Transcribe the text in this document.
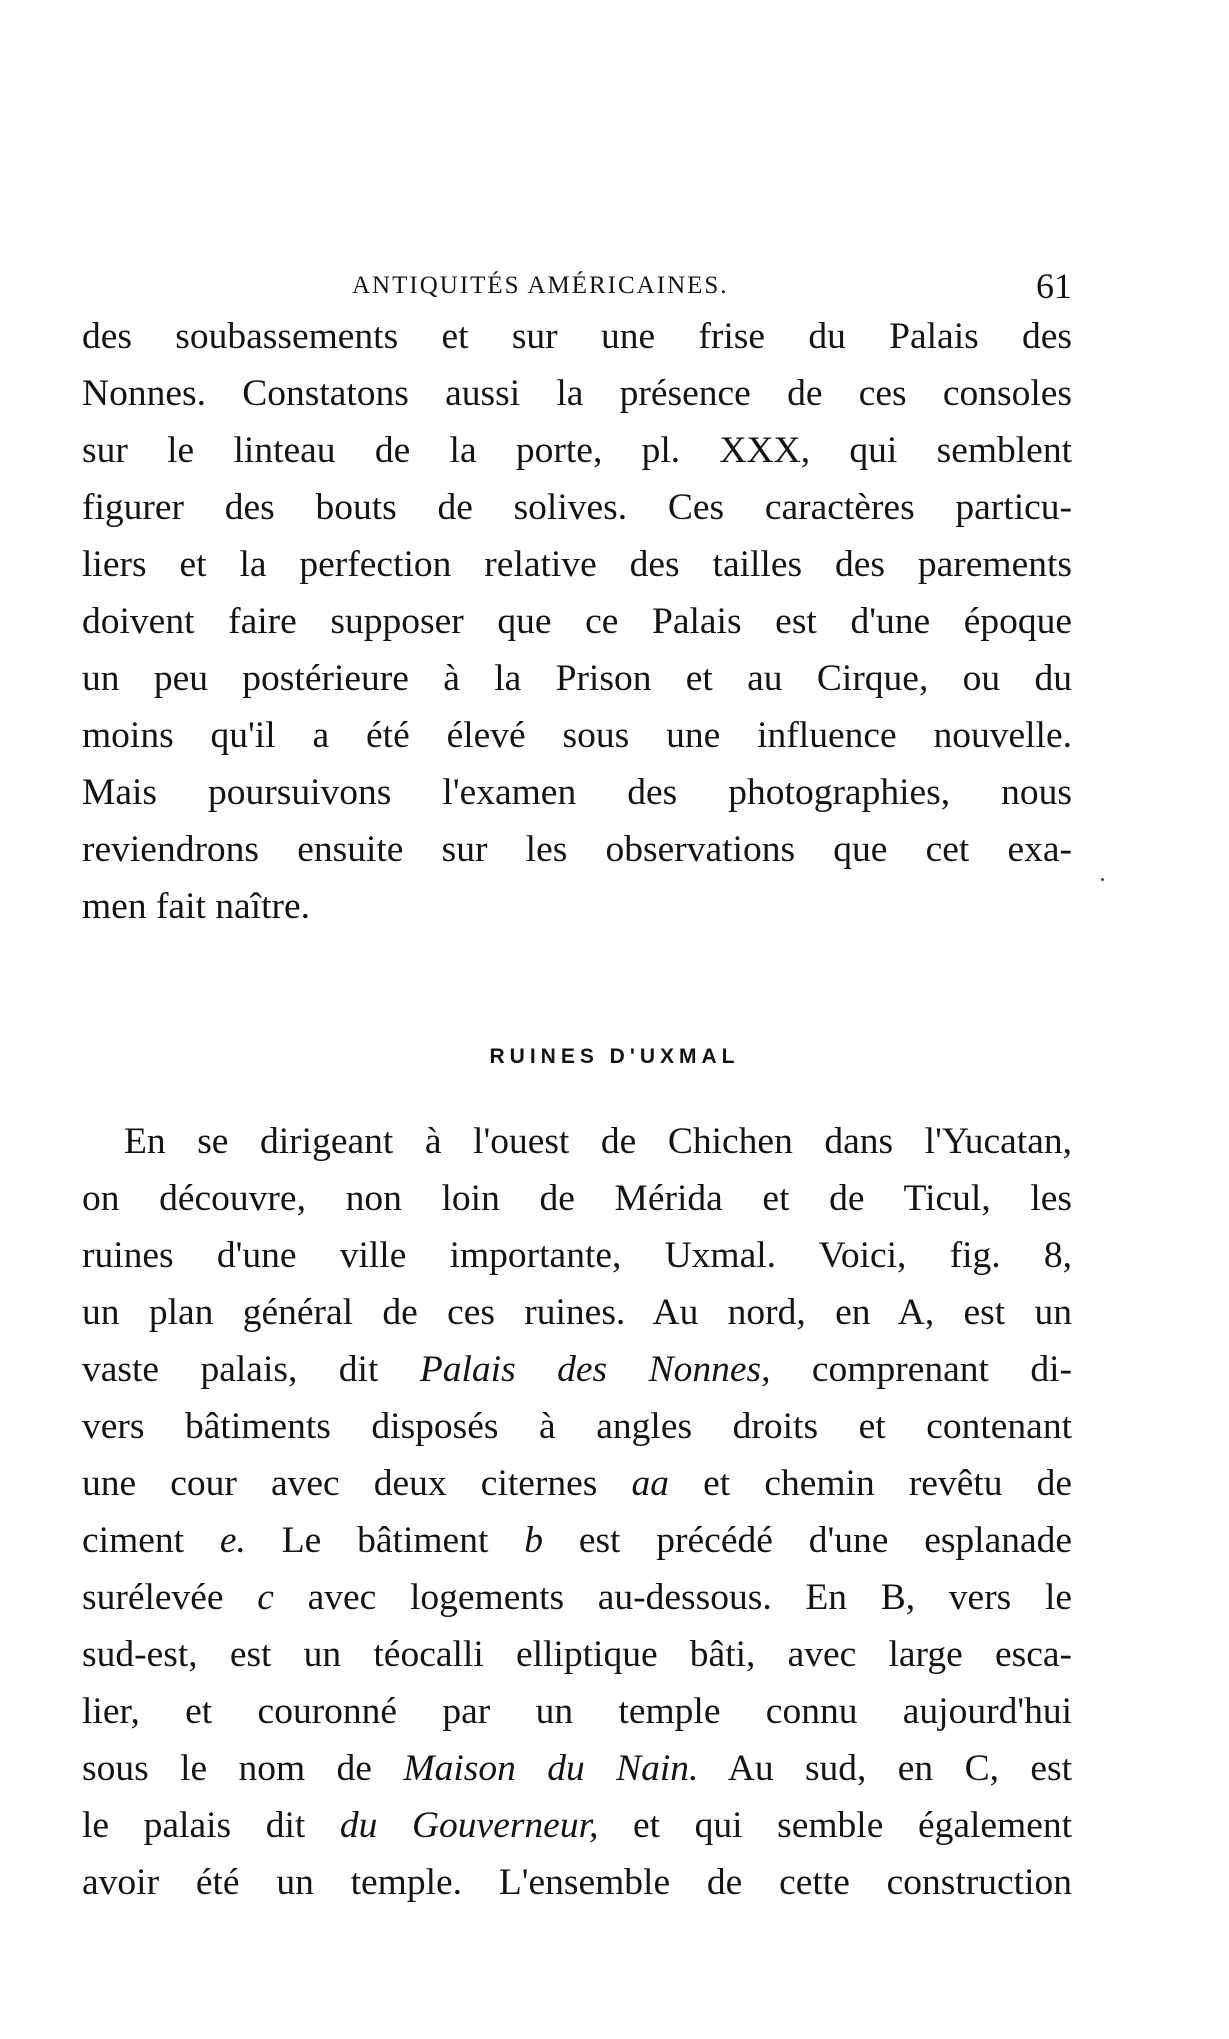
ANTIQUITÉS AMÉRICAINES.	61
des soubassements et sur une frise du Palais des
Nonnes. Constatons aussi la présence de ces consoles
sur le linteau de la porte, pl. XXX, qui semblent
figurer des bouts de solives. Ces caractères particu-
liers et la perfection relative des tailles des parements
doivent faire supposer que ce Palais est d'une époque
un peu postérieure à la Prison et au Cirque, ou du
moins qu'il a été élevé sous une influence nouvelle.
Mais poursuivons l'examen des photographies, nous
reviendrons ensuite sur les observations que cet exa-
men fait naître.
RUINES D'UXMAL
En se dirigeant à l'ouest de Chichen dans l'Yucatan,
on découvre, non loin de Mérida et de Ticul, les
ruines d'une ville importante, Uxmal. Voici, fig. 8,
un plan général de ces ruines. Au nord, en A, est un
vaste palais, dit Palais des Nonnes, comprenant di-
vers bâtiments disposés à angles droits et contenant
une cour avec deux citernes aa et chemin revêtu de
ciment e. Le bâtiment b est précédé d'une esplanade
surélevée c avec logements au-dessous. En B, vers le
sud-est, est un téocalli elliptique bâti, avec large esca-
lier, et couronné par un temple connu aujourd'hui
sous le nom de Maison du Nain. Au sud, en C, est
le palais dit du Gouverneur, et qui semble également
avoir été un temple. L'ensemble de cette construction
